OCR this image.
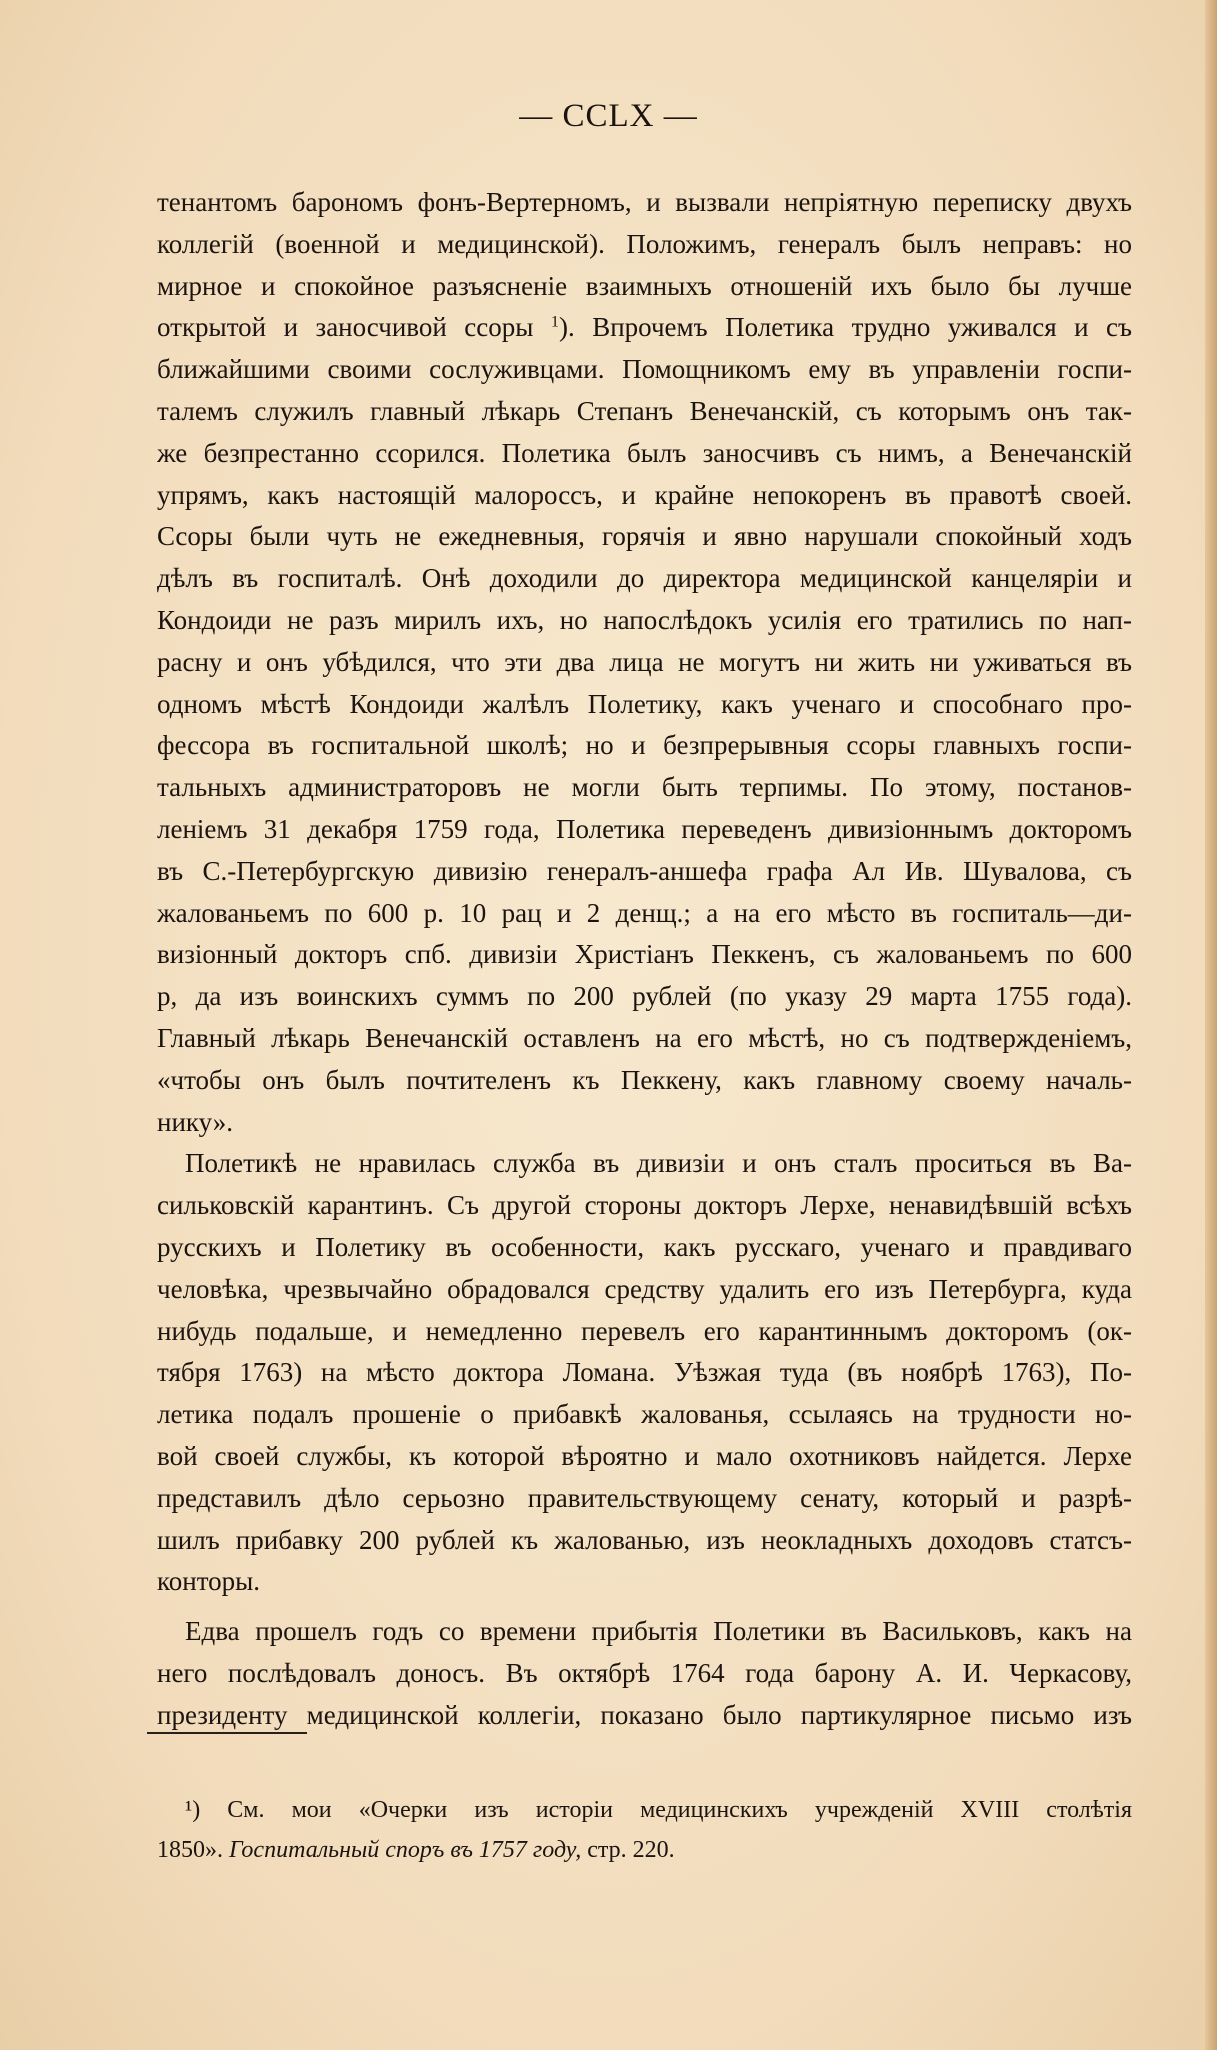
— CCLX —
тенантомъ барономъ фонъ-Вертерномъ, и вызвали непріятную переписку двухъ
коллегій (военной и медицинской). Положимъ, генералъ былъ неправъ: но
мирное и спокойное разъясненіе взаимныхъ отношеній ихъ было бы лучше
открытой и заносчивой ссоры $^1$). Впрочемъ Полетика трудно уживался и съ
ближайшими своими сослуживцами. Помощникомъ ему въ управленіи госпи-
талемъ служилъ главный лѣкарь Степанъ Венечанскій, съ которымъ онъ так-
же безпрестанно ссорился. Полетика былъ заносчивъ съ нимъ, а Венечанскій
упрямъ, какъ настоящій малороссъ, и крайне непокоренъ въ правотѣ своей.
Ссоры были чуть не ежедневныя, горячія и явно нарушали спокойный ходъ
дѣлъ въ госпиталѣ. Онѣ доходили до директора медицинской канцеляріи и
Кондоиди не разъ мирилъ ихъ, но напослѣдокъ усилія его тратились по нап-
расну и онъ убѣдился, что эти два лица не могутъ ни жить ни уживаться въ
одномъ мѣстѣ Кондоиди жалѣлъ Полетику, какъ ученаго и способнаго про-
фессора въ госпитальной школѣ; но и безпрерывныя ссоры главныхъ госпи-
тальныхъ администраторовъ не могли быть терпимы. По этому, постанов-
леніемъ 31 декабря 1759 года, Полетика переведенъ дивизіоннымъ докторомъ
въ С.-Петербургскую дивизію генералъ-аншефа графа Ал Ив. Шувалова, съ
жалованьемъ по 600 р. 10 рац и 2 денщ.; а на его мѣсто въ госпиталь—ди-
визіонный докторъ спб. дивизіи Христіанъ Пеккенъ, съ жалованьемъ по 600
р, да изъ воинскихъ суммъ по 200 рублей (по указу 29 марта 1755 года).
Главный лѣкарь Венечанскій оставленъ на его мѣстѣ, но съ подтвержденіемъ,
«чтобы онъ былъ почтителенъ къ Пеккену, какъ главному своему началь-
нику».
Полетикѣ не нравилась служба въ дивизіи и онъ сталъ проситься въ Ва-
сильковскій карантинъ. Съ другой стороны докторъ Лерхе, ненавидѣвшій всѣхъ
русскихъ и Полетику въ особенности, какъ русскаго, ученаго и правдиваго
человѣка, чрезвычайно обрадовался средству удалить его изъ Петербурга, куда
нибудь подальше, и немедленно перевелъ его карантиннымъ докторомъ (ок-
тября 1763) на мѣсто доктора Ломана. Уѣзжая туда (въ ноябрѣ 1763), По-
летика подалъ прошеніе о прибавкѣ жалованья, ссылаясь на трудности но-
вой своей службы, къ которой вѣроятно и мало охотниковъ найдется. Лерхе
представилъ дѣло серьозно правительствующему сенату, который и разрѣ-
шилъ прибавку 200 рублей къ жалованью, изъ неокладныхъ доходовъ статсъ-
конторы.
Едва прошелъ годъ со времени прибытія Полетики въ Васильковъ, какъ на
него послѣдовалъ доносъ. Въ октябрѣ 1764 года барону А. И. Черкасову,
президенту медицинской коллегіи, показано было партикулярное письмо изъ
¹) См. мои «Очерки изъ исторіи медицинскихъ учрежденій XVIII столѣтія
1850». Госпитальный споръ въ 1757 году, стр. 220.
